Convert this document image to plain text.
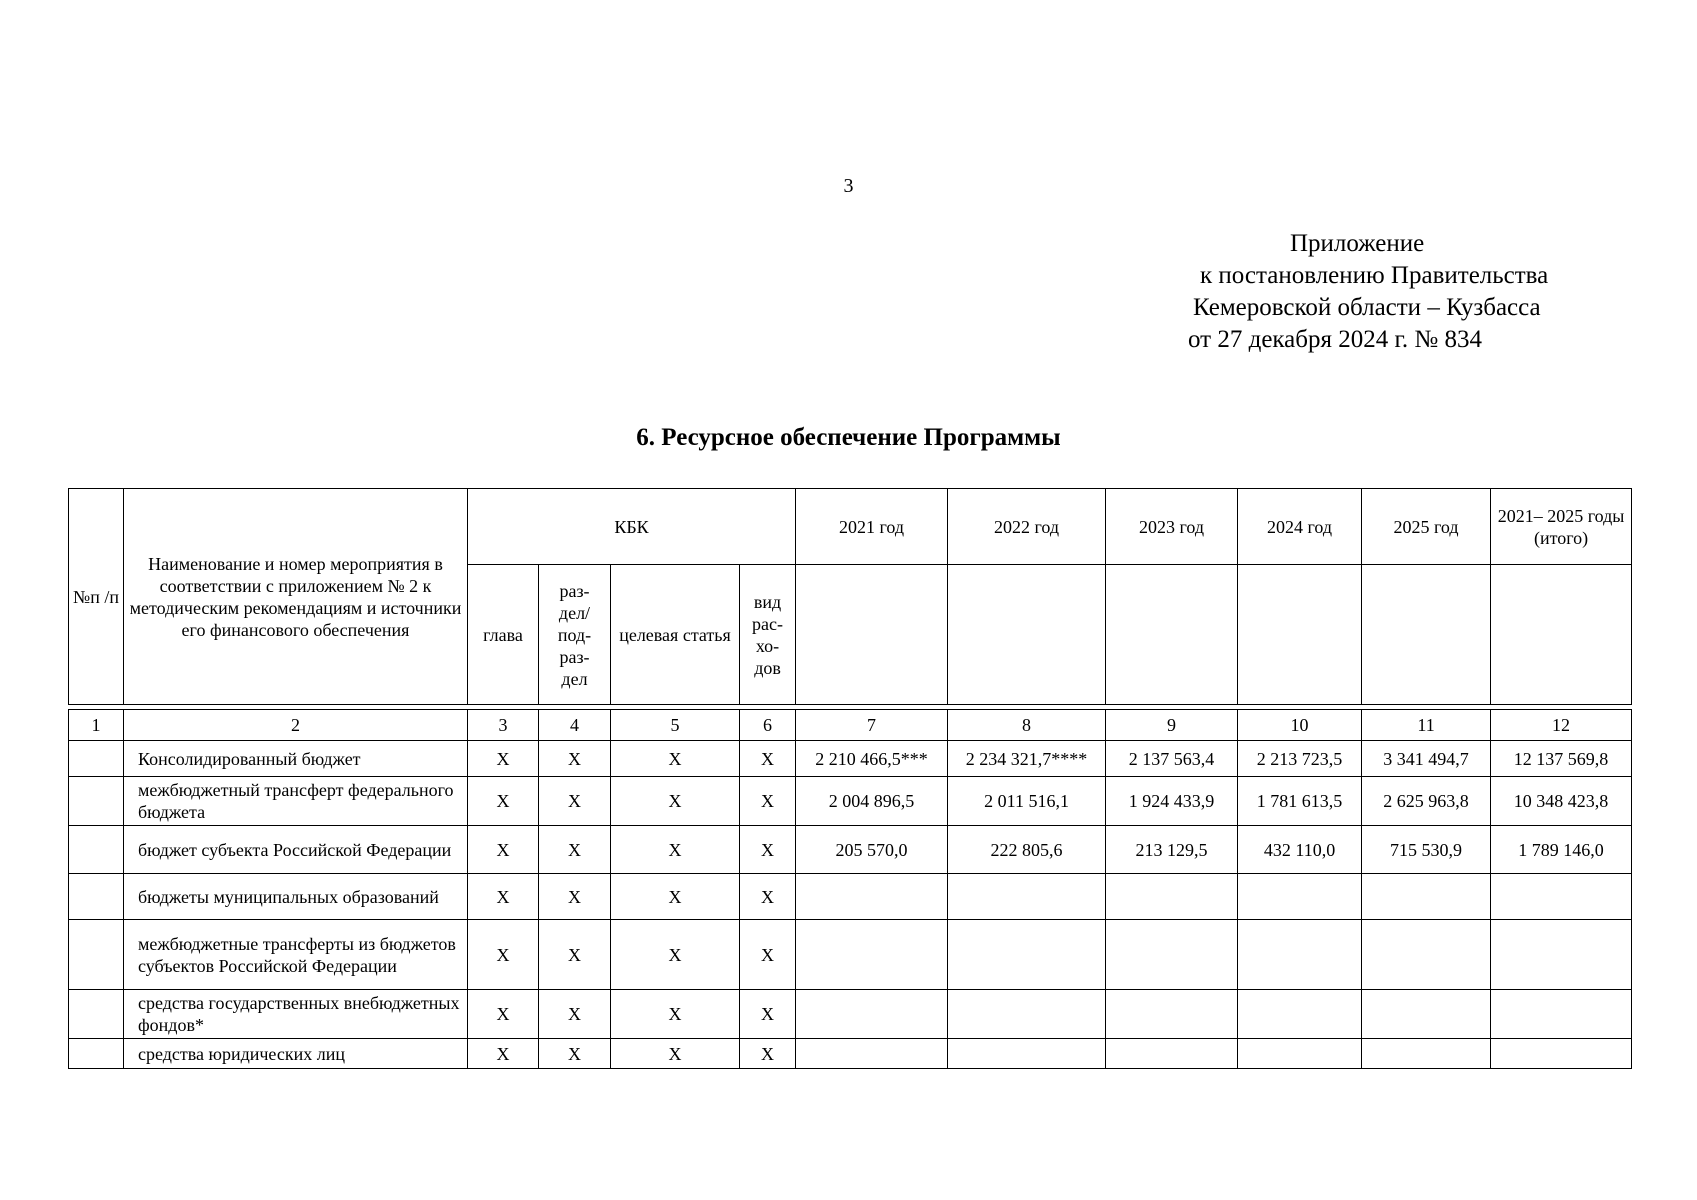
3
Приложение
к постановлению Правительства
Кемеровской области – Кузбасса
от 27 декабря 2024 г. № 834
6. Ресурсное обеспечение Программы
№п /п	Наименование и номер мероприятия в соответствии с приложением № 2 к методическим рекомендациям и источники его финансового обеспечения	КБК				2021 год	2022 год	2023 год	2024 год	2025 год	2021– 2025 годы (итого)
		глава	раз- дел/ под- раз- дел	целевая статья	вид рас- хо- дов						

1	2	3	4	5	6	7	8	9	10	11	12
	Консолидированный бюджет	X	X	X	X	2 210 466,5***	2 234 321,7****	2 137 563,4	2 213 723,5	3 341 494,7	12 137 569,8
	межбюджетный трансферт федерального бюджета	X	X	X	X	2 004 896,5	2 011 516,1	1 924 433,9	1 781 613,5	2 625 963,8	10 348 423,8
	бюджет субъекта Российской Федерации	X	X	X	X	205 570,0	222 805,6	213 129,5	432 110,0	715 530,9	1 789 146,0
	бюджеты муниципальных образований	X	X	X	X						
	межбюджетные трансферты из бюджетов субъектов Российской Федерации	X	X	X	X						
	средства государственных внебюджетных фондов*	X	X	X	X						
	средства юридических лиц	X	X	X	X						
